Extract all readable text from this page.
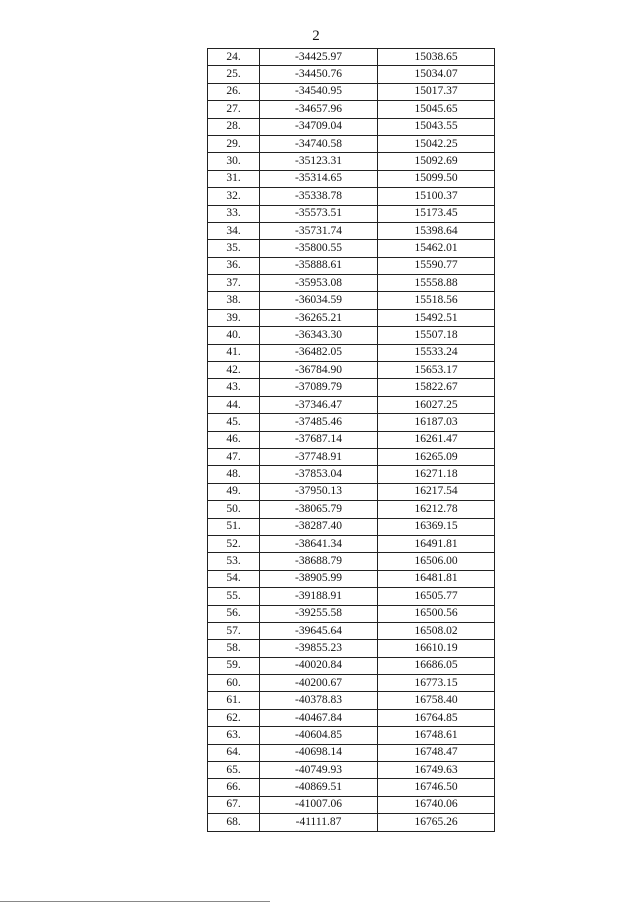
2
24.	-34425.97	15038.65
25.	-34450.76	15034.07
26.	-34540.95	15017.37
27.	-34657.96	15045.65
28.	-34709.04	15043.55
29.	-34740.58	15042.25
30.	-35123.31	15092.69
31.	-35314.65	15099.50
32.	-35338.78	15100.37
33.	-35573.51	15173.45
34.	-35731.74	15398.64
35.	-35800.55	15462.01
36.	-35888.61	15590.77
37.	-35953.08	15558.88
38.	-36034.59	15518.56
39.	-36265.21	15492.51
40.	-36343.30	15507.18
41.	-36482.05	15533.24
42.	-36784.90	15653.17
43.	-37089.79	15822.67
44.	-37346.47	16027.25
45.	-37485.46	16187.03
46.	-37687.14	16261.47
47.	-37748.91	16265.09
48.	-37853.04	16271.18
49.	-37950.13	16217.54
50.	-38065.79	16212.78
51.	-38287.40	16369.15
52.	-38641.34	16491.81
53.	-38688.79	16506.00
54.	-38905.99	16481.81
55.	-39188.91	16505.77
56.	-39255.58	16500.56
57.	-39645.64	16508.02
58.	-39855.23	16610.19
59.	-40020.84	16686.05
60.	-40200.67	16773.15
61.	-40378.83	16758.40
62.	-40467.84	16764.85
63.	-40604.85	16748.61
64.	-40698.14	16748.47
65.	-40749.93	16749.63
66.	-40869.51	16746.50
67.	-41007.06	16740.06
68.	-41111.87	16765.26
